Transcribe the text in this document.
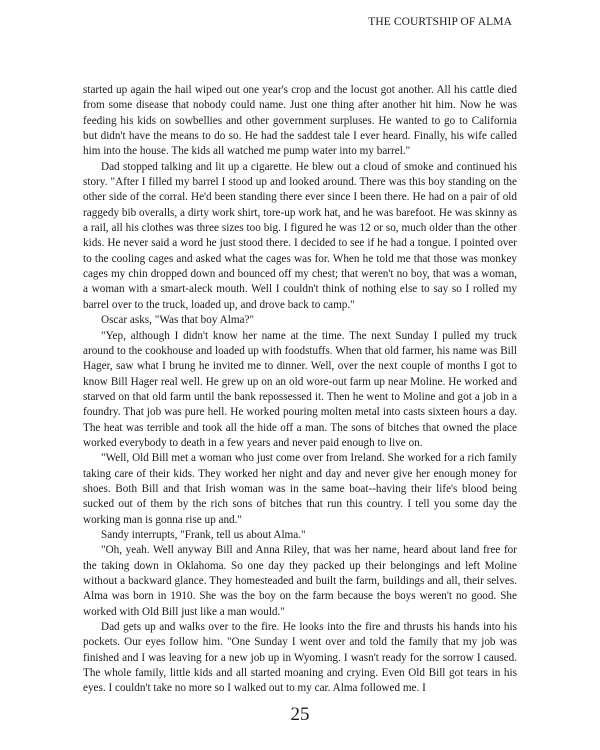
THE COURTSHIP OF ALMA

started up again the hail wiped out one year's crop and the locust got another. All his cattle died from some disease that nobody could name. Just one thing after another hit him. Now he was feeding his kids on sowbellies and other government surpluses. He wanted to go to California but didn't have the means to do so. He had the saddest tale I ever heard. Finally, his wife called him into the house. The kids all watched me pump water into my barrel."

Dad stopped talking and lit up a cigarette. He blew out a cloud of smoke and continued his story. "After I filled my barrel I stood up and looked around. There was this boy standing on the other side of the corral. He'd been standing there ever since I been there. He had on a pair of old raggedy bib overalls, a dirty work shirt, tore-up work hat, and he was barefoot. He was skinny as a rail, all his clothes was three sizes too big. I figured he was 12 or so, much older than the other kids. He never said a word he just stood there. I decided to see if he had a tongue. I pointed over to the cooling cages and asked what the cages was for. When he told me that those was monkey cages my chin dropped down and bounced off my chest; that weren't no boy, that was a woman, a woman with a smart-aleck mouth. Well I couldn't think of nothing else to say so I rolled my barrel over to the truck, loaded up, and drove back to camp."

Oscar asks, "Was that boy Alma?"

"Yep, although I didn't know her name at the time. The next Sunday I pulled my truck around to the cookhouse and loaded up with foodstuffs. When that old farmer, his name was Bill Hager, saw what I brung he invited me to dinner. Well, over the next couple of months I got to know Bill Hager real well. He grew up on an old wore-out farm up near Moline. He worked and starved on that old farm until the bank repossessed it. Then he went to Moline and got a job in a foundry. That job was pure hell. He worked pouring molten metal into casts sixteen hours a day. The heat was terrible and took all the hide off a man. The sons of bitches that owned the place worked everybody to death in a few years and never paid enough to live on.

"Well, Old Bill met a woman who just come over from Ireland. She worked for a rich family taking care of their kids. They worked her night and day and never give her enough money for shoes. Both Bill and that Irish woman was in the same boat--having their life's blood being sucked out of them by the rich sons of bitches that run this country. I tell you some day the working man is gonna rise up and."

Sandy interrupts, "Frank, tell us about Alma."

"Oh, yeah. Well anyway Bill and Anna Riley, that was her name, heard about land free for the taking down in Oklahoma. So one day they packed up their belongings and left Moline without a backward glance. They homesteaded and built the farm, buildings and all, their selves. Alma was born in 1910. She was the boy on the farm because the boys weren't no good. She worked with Old Bill just like a man would."

Dad gets up and walks over to the fire. He looks into the fire and thrusts his hands into his pockets. Our eyes follow him. "One Sunday I went over and told the family that my job was finished and I was leaving for a new job up in Wyoming. I wasn't ready for the sorrow I caused. The whole family, little kids and all started moaning and crying. Even Old Bill got tears in his eyes. I couldn't take no more so I walked out to my car. Alma followed me. I

25
